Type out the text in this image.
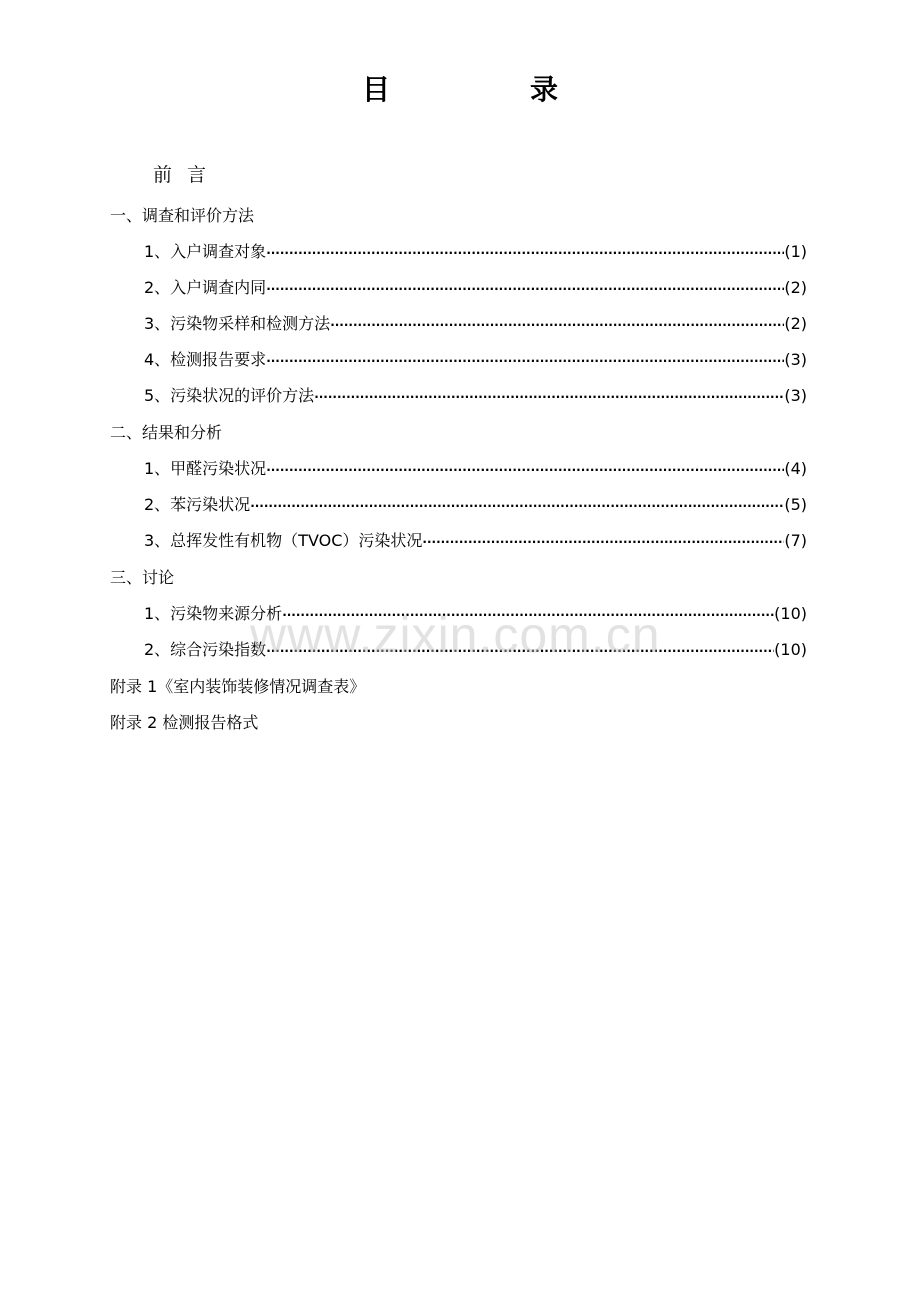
目　录
前言
一、调查和评价方法
1、入户调查对象 ·····	(1)
2、入户调查内同 ·····	(2)
3、污染物采样和检测方法 ·····	(2)
4、检测报告要求 ·····	(3)
5、污染状况的评价方法 ·····	(3)
二、结果和分析
1、甲醛污染状况 ·····	(4)
2、苯污染状况 ·····	(5)
3、总挥发性有机物（TVOC）污染状况 ·····	(7)
三、讨论
1、污染物来源分析 ·····	(10)
2、综合污染指数 ·····	(10)
附录 1《室内装饰装修情况调查表》
附录 2 检测报告格式
www.zixin.com.cn
